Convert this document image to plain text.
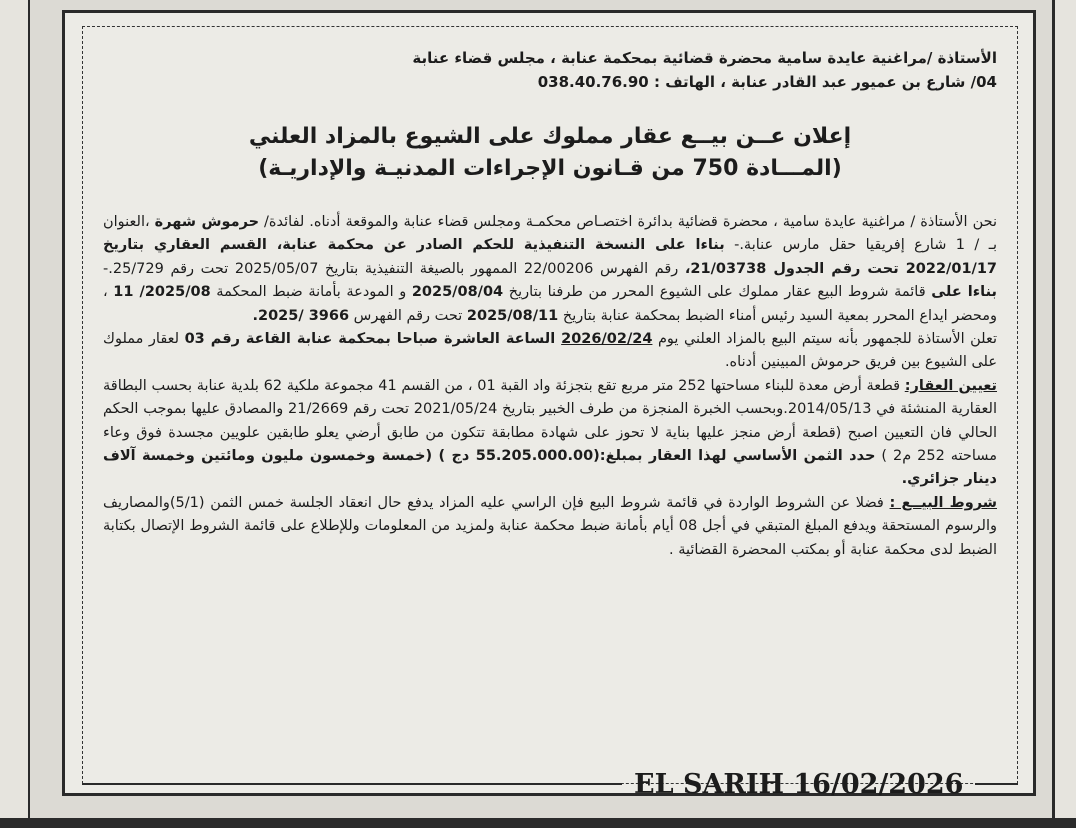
الأستاذة /مراغنية عايدة سامية محضرة قضائية بمحكمة عنابة ، مجلس قضاء عنابة

04/ شارع بن عميور عبد القادر عنابة ، الهاتف : 038.40.76.90

إعلان عــن بيــع عقار مملوك على الشيوع بالمزاد العلني

(المـــادة 750 من قـانون الإجراءات المدنيـة والإداريـة)

نحن الأستاذة / مراغنية عايدة سامية ، محضرة قضائية بدائرة اختصـاص محكمـة ومجلس قضاء عنابة والموقعة أدناه. لفائدة/ حرموش شهرة ،العنوان بـ / 1 شارع إفريقيا حقل مارس عنابة.- بناءا على النسخة التنفيذية للحكم الصادر عن محكمة عنابة، القسم العقاري بتاريخ 2022/01/17 تحت رقم الجدول 21/03738، رقم الفهرس 22/00206 الممهور بالصيغة التنفيذية بتاريخ 2025/05/07 تحت رقم 25/729.- بناءا على قائمة شروط البيع عقار مملوك على الشيوع المحرر من طرفنا بتاريخ 2025/08/04 و المودعة بأمانة ضبط المحكمة 2025/08/ 11 ، ومحضر ايداع المحرر بمعية السيد رئيس أمناء الضبط بمحكمة عنابة بتاريخ 2025/08/11 تحت رقم الفهرس 3966 /2025.

تعلن الأستاذة للجمهور بأنه سيتم البيع بالمزاد العلني يوم 2026/02/24 الساعة العاشرة صباحا بمحكمة عنابة القاعة رقم 03 لعقار مملوك على الشيوع بين فريق حرموش المبينين أدناه.

تعيين العقار: قطعة أرض معدة للبناء مساحتها 252 متر مربع تقع بتجزئة واد القبة 01 ، من القسم 41 مجموعة ملكية 62 بلدية عنابة بحسب البطاقة العقارية المنشئة في 2014/05/13.وبحسب الخبرة المنجزة من طرف الخبير بتاريخ 2021/05/24 تحت رقم 21/2669 والمصادق عليها بموجب الحكم الحالي فان التعيين اصبح (قطعة أرض منجز عليها بناية لا تحوز على شهادة مطابقة تتكون من طابق أرضي يعلو طابقين علويين مجسدة فوق وعاء مساحته 252 م2 ) حدد الثمن الأساسي لهذا العقار بمبلغ:(55.205.000.00 دج ) (خمسة وخمسون مليون ومائتين وخمسة آلاف دينار جزائري.

شروط البيــع : فضلا عن الشروط الواردة في قائمة شروط البيع فإن الراسي عليه المزاد يدفع حال انعقاد الجلسة خمس الثمن (5/1)والمصاريف والرسوم المستحقة ويدفع المبلغ المتبقي في أجل 08 أيام بأمانة ضبط محكمة عنابة ولمزيد من المعلومات وللإطلاع على قائمة الشروط الإتصال بكتابة الضبط لدى محكمة عنابة أو بمكتب المحضرة القضائية .

EL SARIH 16/02/2026
